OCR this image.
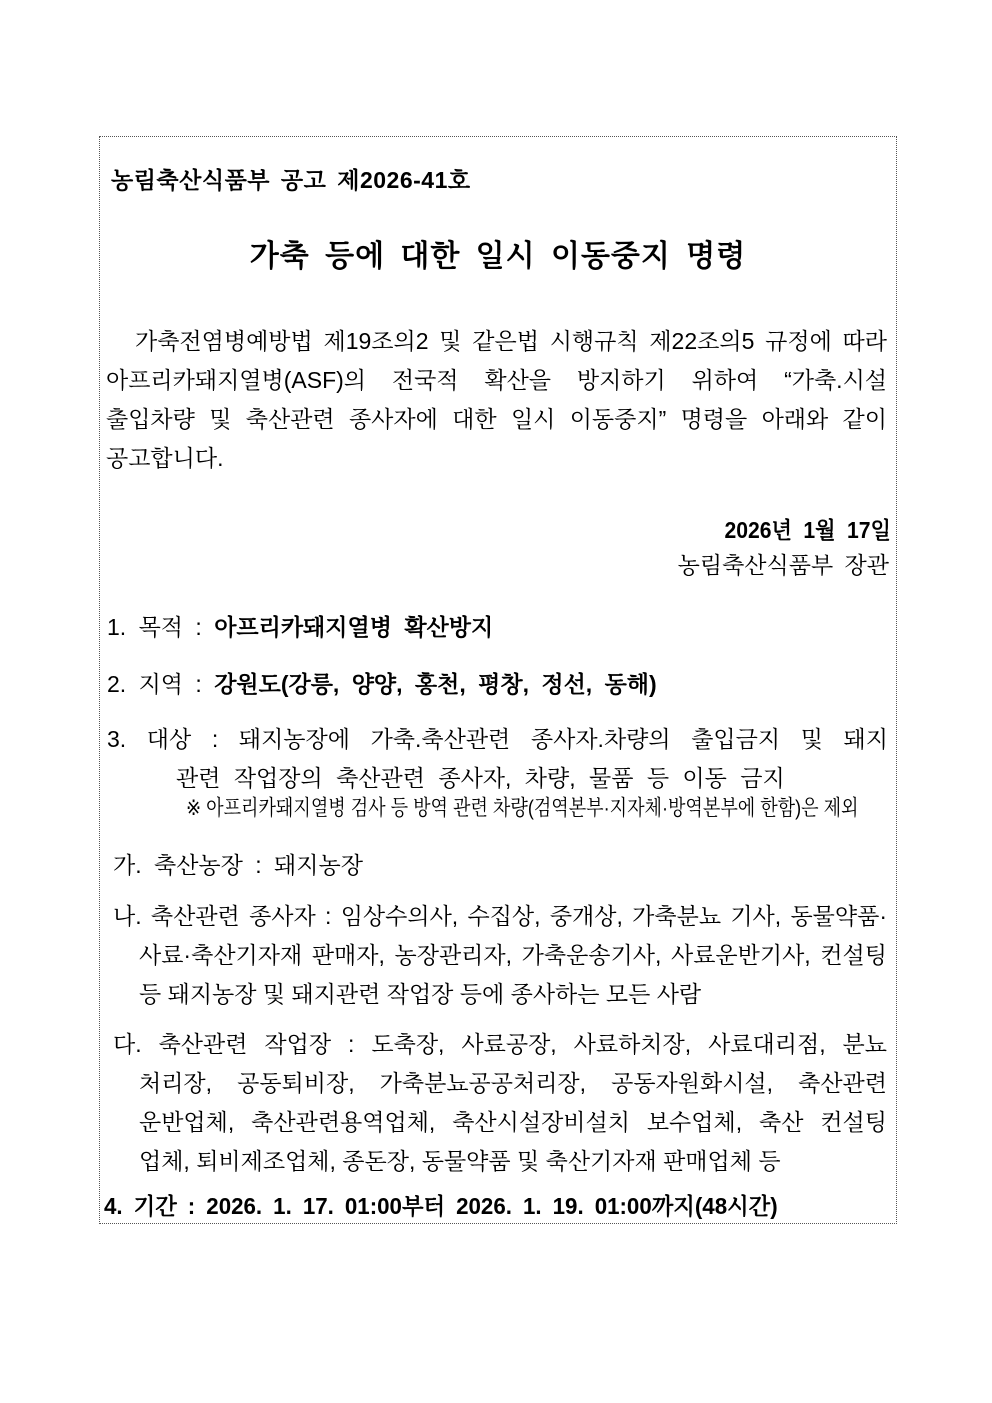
농림축산식품부 공고 제2026-41호
가축 등에 대한 일시 이동중지 명령
가축전염병예방법 제19조의2 및 같은법 시행규칙 제22조의5 규정에 따라
아프리카돼지열병(ASF)의 전국적 확산을 방지하기 위하여 “가축.시설
출입차량 및 축산관련 종사자에 대한 일시 이동중지” 명령을 아래와 같이
공고합니다.
2026년 1월 17일
농림축산식품부 장관
1. 목적 : 아프리카돼지열병 확산방지
2. 지역 : 강원도(강릉, 양양, 홍천, 평창, 정선, 동해)
3. 대상 : 돼지농장에 가축.축산관련 종사자.차량의 출입금지 및 돼지
관련 작업장의 축산관련 종사자, 차량, 물품 등 이동 금지
※ 아프리카돼지열병 검사 등 방역 관련 차량(검역본부·지자체·방역본부에 한함)은 제외
가. 축산농장 : 돼지농장
나. 축산관련 종사자 : 임상수의사, 수집상, 중개상, 가축분뇨 기사, 동물약품·
사료·축산기자재 판매자, 농장관리자, 가축운송기사, 사료운반기사, 컨설팅
등 돼지농장 및 돼지관련 작업장 등에 종사하는 모든 사람
다. 축산관련 작업장 : 도축장, 사료공장, 사료하치장, 사료대리점, 분뇨
처리장, 공동퇴비장, 가축분뇨공공처리장, 공동자원화시설, 축산관련
운반업체, 축산관련용역업체, 축산시설장비설치 보수업체, 축산 컨설팅
업체, 퇴비제조업체, 종돈장, 동물약품 및 축산기자재 판매업체 등
4. 기간 : 2026. 1. 17. 01:00부터 2026. 1. 19. 01:00까지(48시간)
